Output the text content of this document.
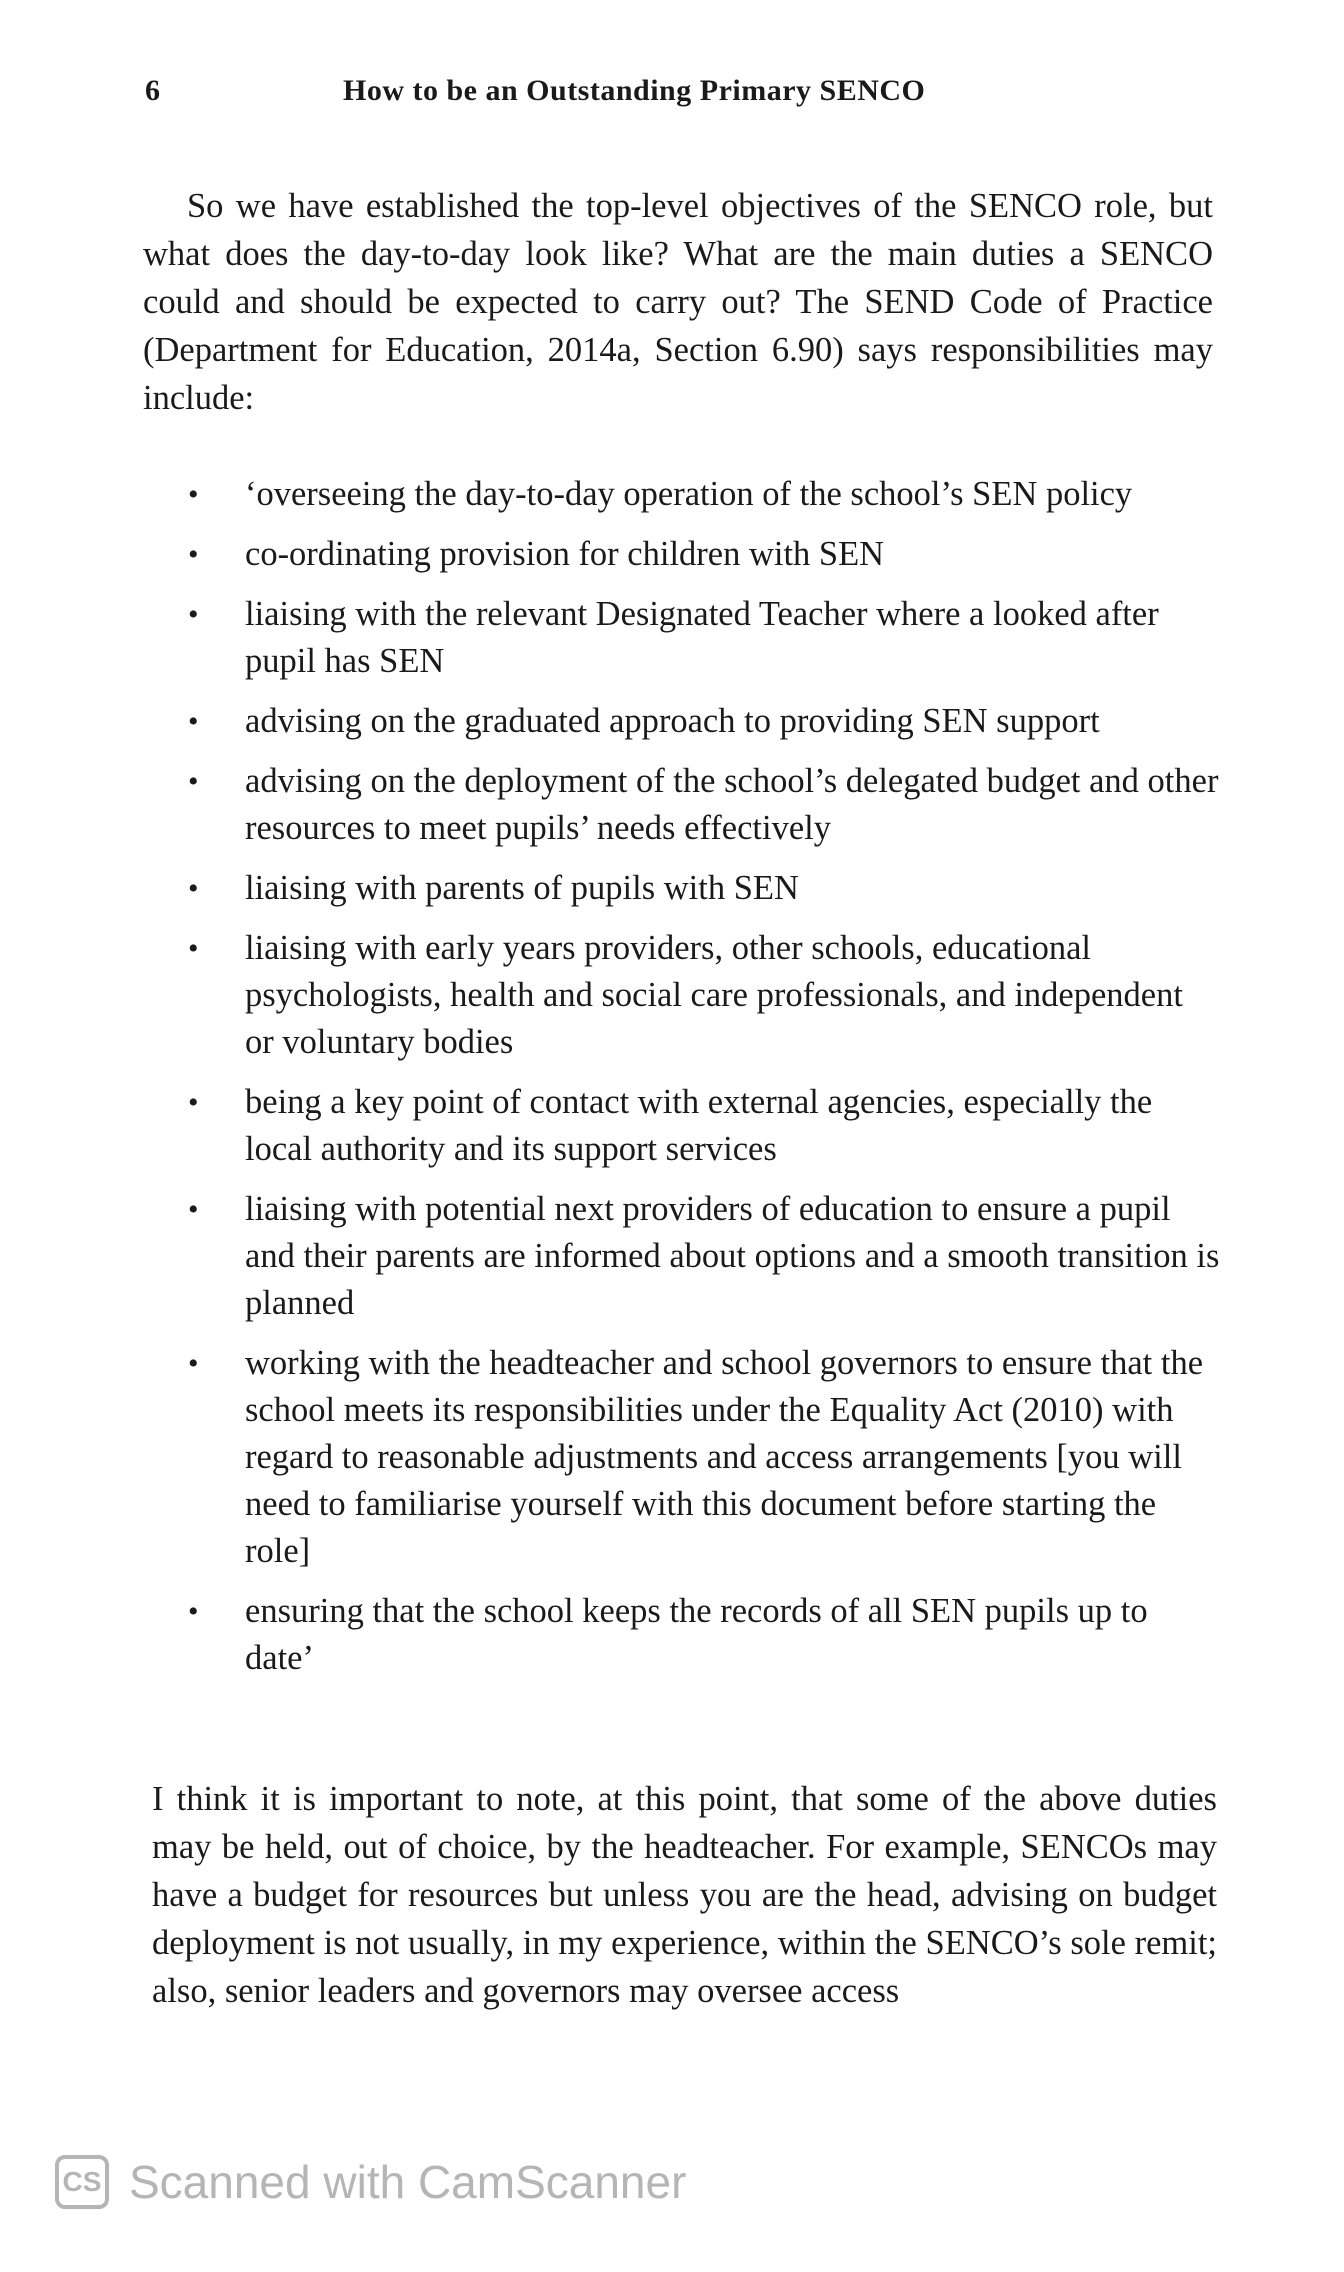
6	How to be an Outstanding Primary SENCO

So we have established the top-level objectives of the SENCO role, but what does the day-to-day look like? What are the main duties a SENCO could and should be expected to carry out? The SEND Code of Practice (Department for Education, 2014a, Section 6.90) says responsibilities may include:

• ‘overseeing the day-to-day operation of the school’s SEN policy
• co-ordinating provision for children with SEN
• liaising with the relevant Designated Teacher where a looked after pupil has SEN
• advising on the graduated approach to providing SEN support
• advising on the deployment of the school’s delegated budget and other resources to meet pupils’ needs effectively
• liaising with parents of pupils with SEN
• liaising with early years providers, other schools, educational psychologists, health and social care professionals, and independent or voluntary bodies
• being a key point of contact with external agencies, especially the local authority and its support services
• liaising with potential next providers of education to ensure a pupil and their parents are informed about options and a smooth transition is planned
• working with the headteacher and school governors to ensure that the school meets its responsibilities under the Equality Act (2010) with regard to reasonable adjustments and access arrangements [you will need to familiarise yourself with this document before starting the role]
• ensuring that the school keeps the records of all SEN pupils up to date’

I think it is important to note, at this point, that some of the above duties may be held, out of choice, by the headteacher. For example, SENCOs may have a budget for resources but unless you are the head, advising on budget deployment is not usually, in my experience, within the SENCO’s sole remit; also, senior leaders and governors may oversee access

CS Scanned with CamScanner
